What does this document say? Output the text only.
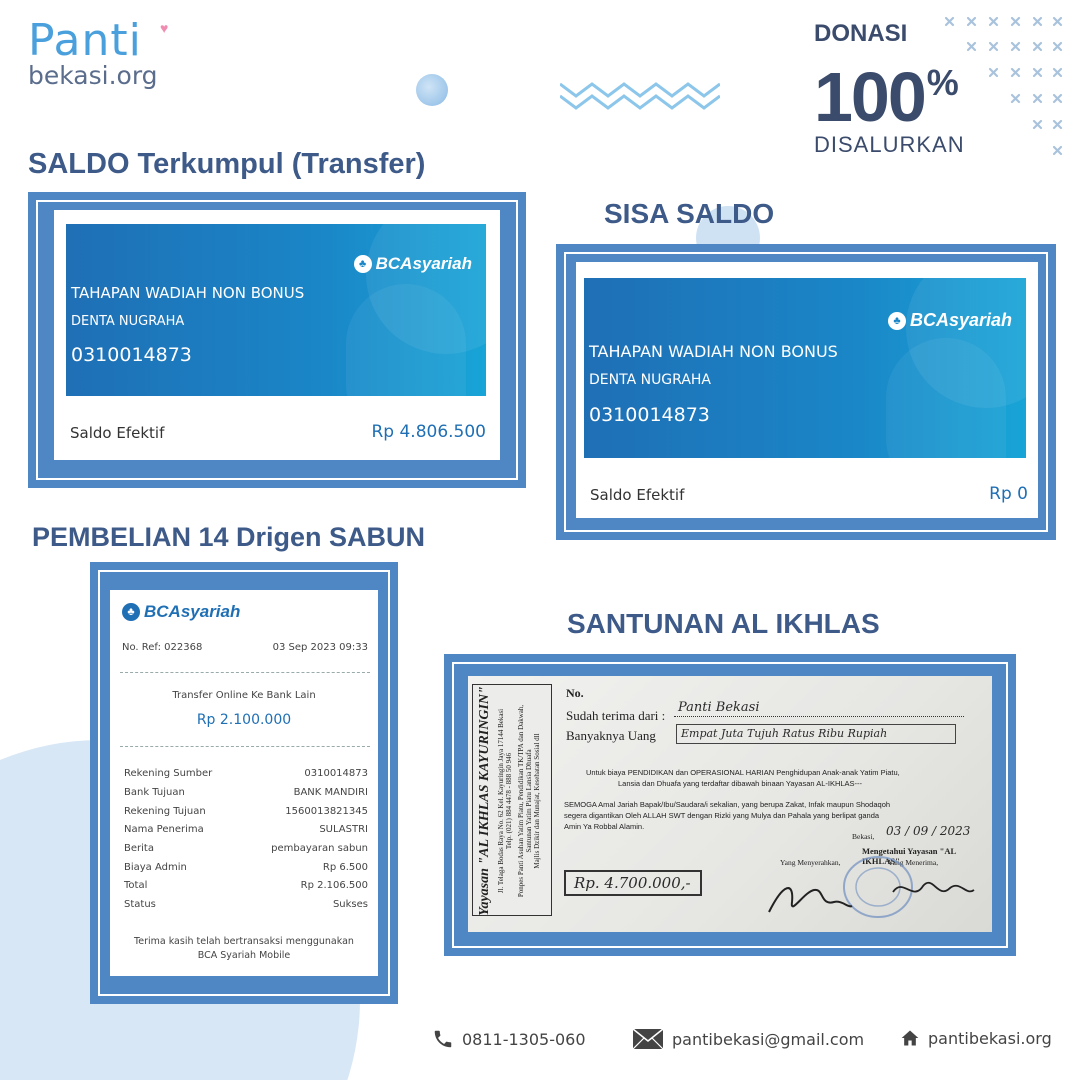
Panti	♥
bekasi.org
DONASI
100%
DISALURKAN
SALDO Terkumpul (Transfer)
SISA SALDO
PEMBELIAN 14 Drigen SABUN
SANTUNAN AL IKHLAS
♣ BCAsyariah
TAHAPAN WADIAH NON BONUS
DENTA NUGRAHA
0310014873
Saldo Efektif	Rp 4.806.500
♣ BCAsyariah
TAHAPAN WADIAH NON BONUS
DENTA NUGRAHA
0310014873
Saldo Efektif	Rp 0
♣ BCAsyariah
No. Ref: 022368	03 Sep 2023 09:33
Transfer Online Ke Bank Lain
Rp 2.100.000
Rekening Sumber	0310014873
Bank Tujuan	BANK MANDIRI
Rekening Tujuan	1560013821345
Nama Penerima	SULASTRI
Berita	pembayaran sabun
Biaya Admin	Rp 6.500
Total	Rp 2.106.500
Status	Sukses
Terima kasih telah bertransaksi menggunakan
BCA Syariah Mobile
Yayasan "AL IKHLAS KAYURINGIN" Jl. Telaga Bodas Raya No. 62 Kel. Kayuringin Jaya 17144 Bekasi Telp. (021) 884 4478 - 888 50 946 Ponpes Panti Asuhan Yatim Piatu, Pendidikan TK/TPA dan Dakwah, Santunan Yatim Piatu Lansia Dhuafa Majlis Dzikir dan Munajat, Kesehatan Sosial dll
No.
Sudah terima dari :
Panti Bekasi
Banyaknya Uang	Empat Juta Tujuh Ratus Ribu Rupiah
Untuk biaya PENDIDIKAN dan OPERASIONAL HARIAN Penghidupan Anak-anak Yatim Piatu,
Lansia dan Dhuafa yang terdaftar dibawah binaan Yayasan AL-IKHLAS---
SEMOGA Amal Jariah Bapak/Ibu/Saudara/i sekalian, yang berupa Zakat, Infak maupun Shodaqoh
segera digantikan Oleh ALLAH SWT dengan Rizki yang Mulya dan Pahala yang berlipat ganda
Amin Ya Robbal Alamin.
Bekasi, 03 / 09 / 2023
Mengetahui Yayasan "AL IKHLAS"
Yang Menyerahkan,	Yang Menerima,
Rp. 4.700.000,-
0811-1305-060	pantibekasi@gmail.com	pantibekasi.org
